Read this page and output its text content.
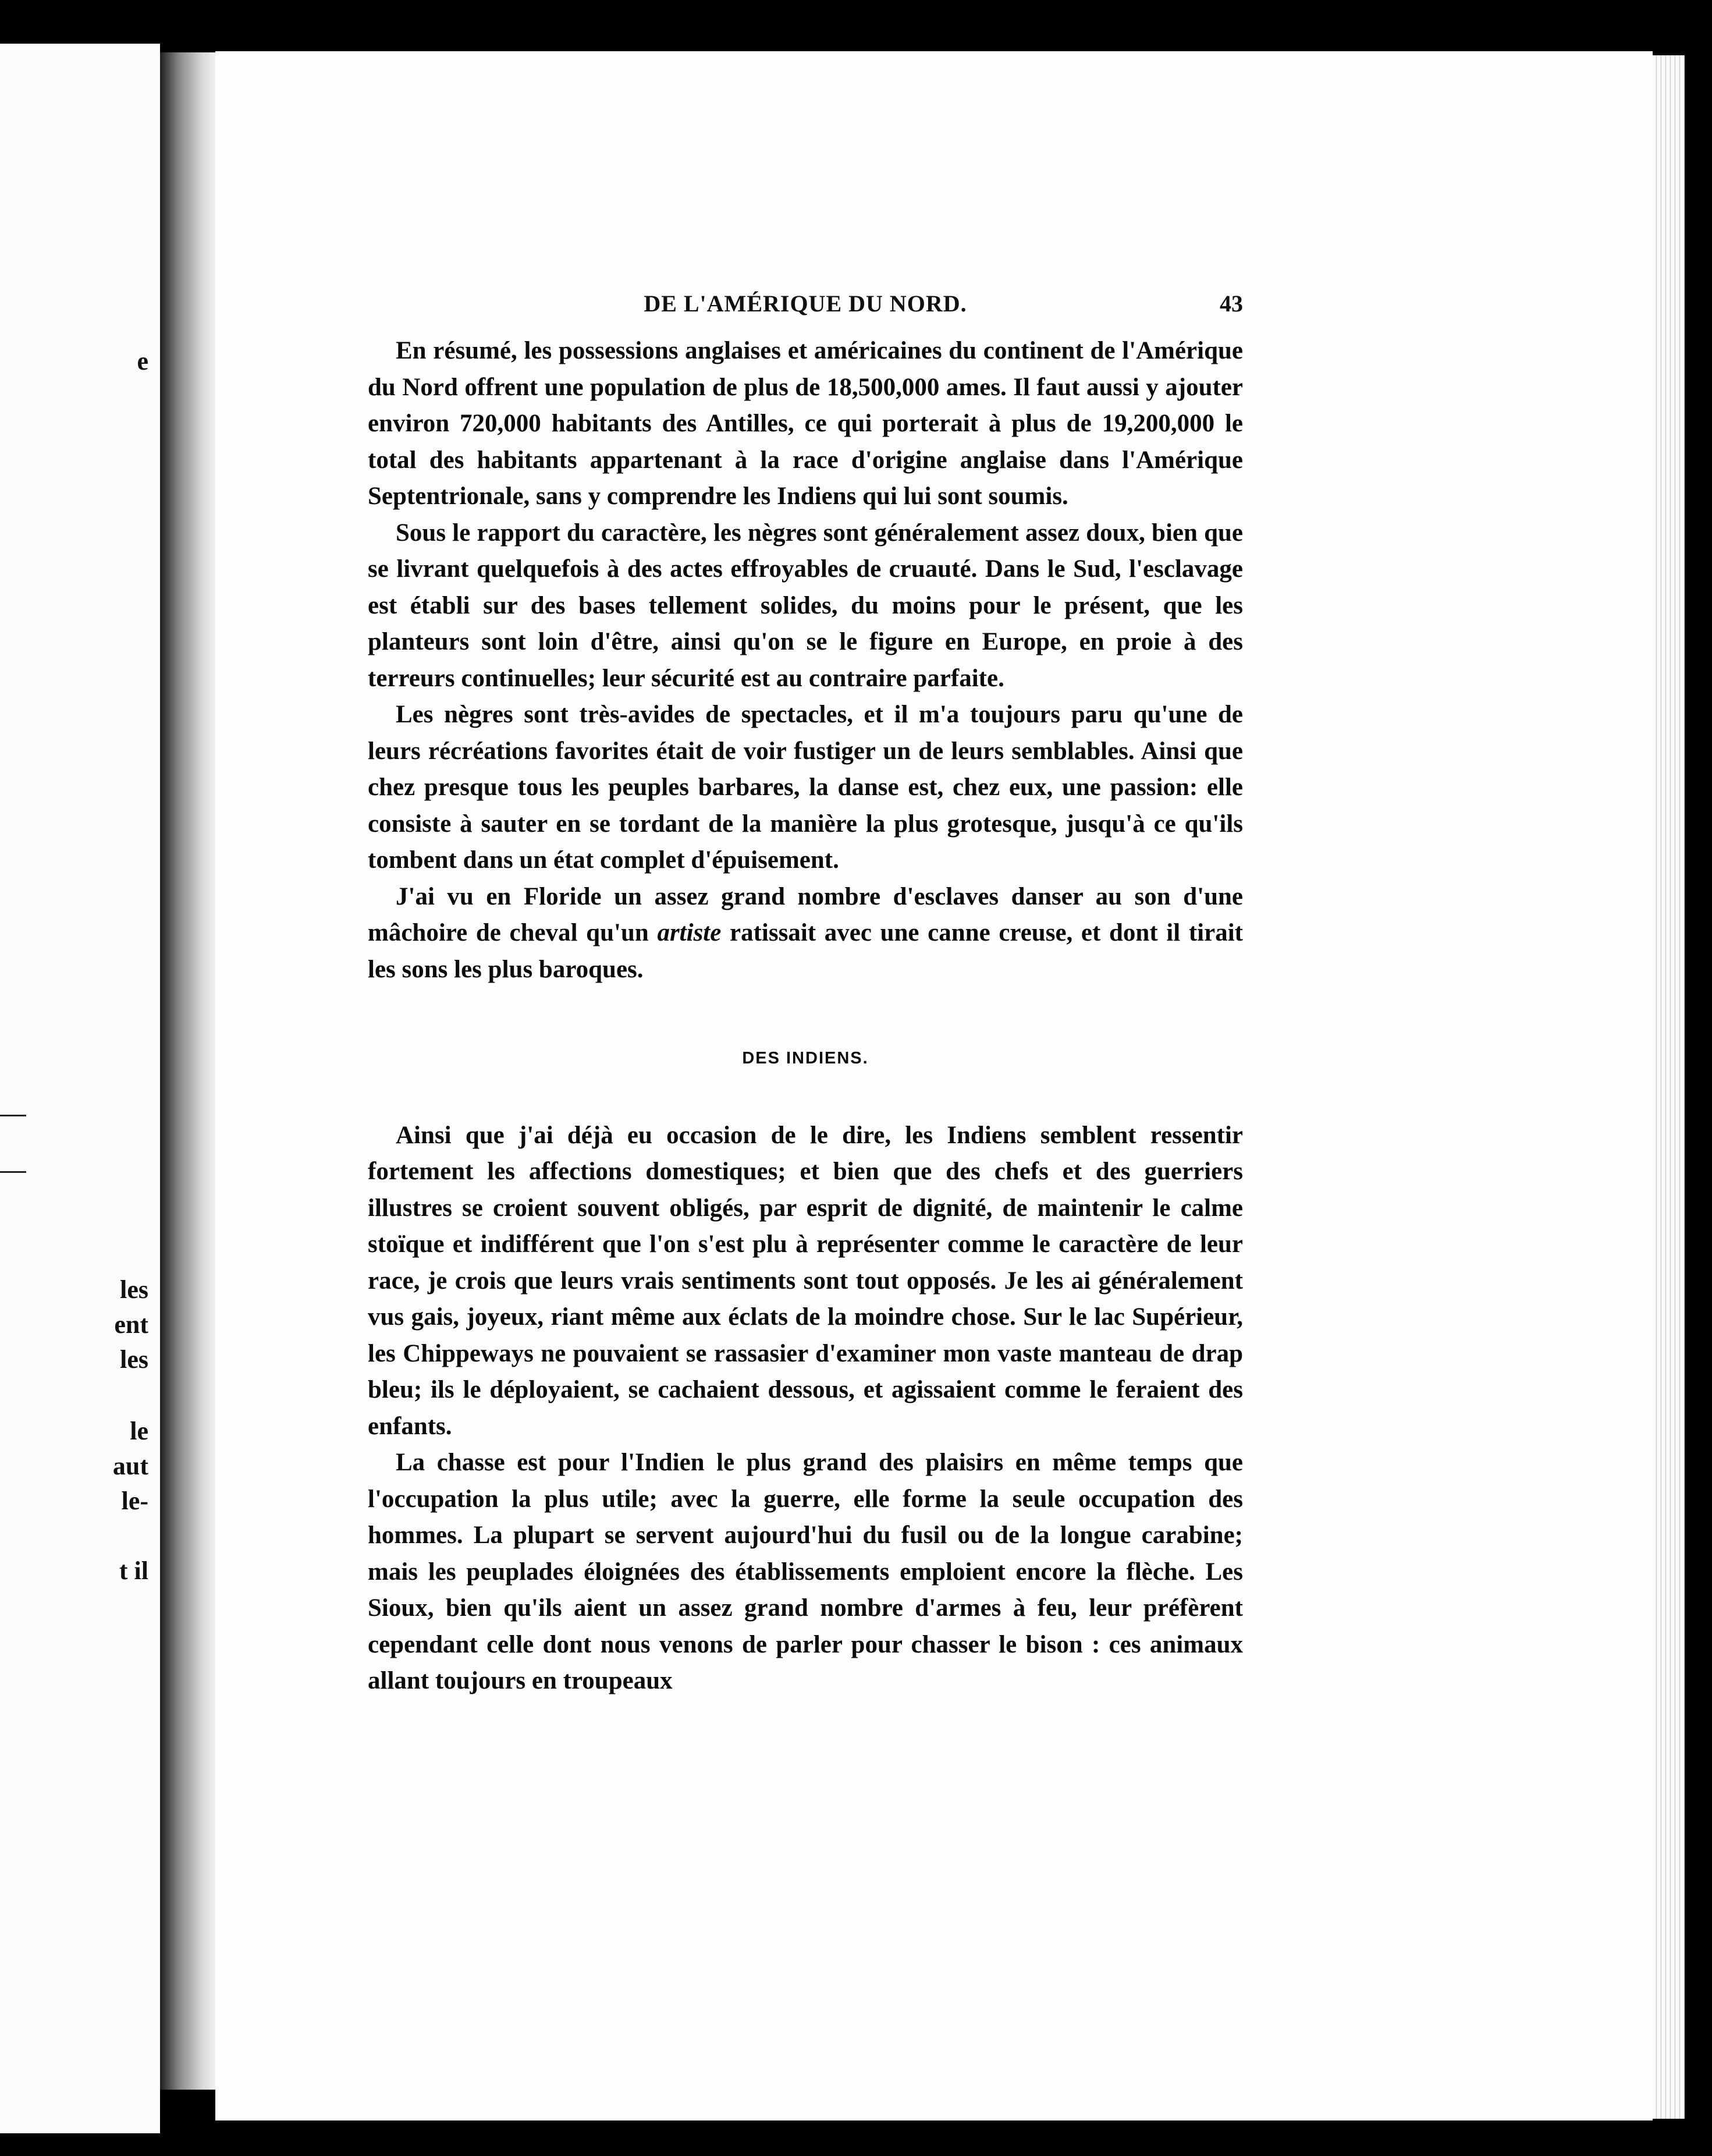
e
les
ent
les
le
aut
le-
t il
DE L'AMÉRIQUE DU NORD.	43

En résumé, les possessions anglaises et américaines du continent de l'Amérique du Nord offrent une population de plus de 18,500,000 ames. Il faut aussi y ajouter environ 720,000 habitants des Antilles, ce qui porterait à plus de 19,200,000 le total des habitants appartenant à la race d'origine anglaise dans l'Amérique Septentrionale, sans y comprendre les Indiens qui lui sont soumis.

Sous le rapport du caractère, les nègres sont généralement assez doux, bien que se livrant quelquefois à des actes effroyables de cruauté. Dans le Sud, l'esclavage est établi sur des bases tellement solides, du moins pour le présent, que les planteurs sont loin d'être, ainsi qu'on se le figure en Europe, en proie à des terreurs continuelles; leur sécurité est au contraire parfaite.

Les nègres sont très-avides de spectacles, et il m'a toujours paru qu'une de leurs récréations favorites était de voir fustiger un de leurs semblables. Ainsi que chez presque tous les peuples barbares, la danse est, chez eux, une passion: elle consiste à sauter en se tordant de la manière la plus grotesque, jusqu'à ce qu'ils tombent dans un état complet d'épuisement.

J'ai vu en Floride un assez grand nombre d'esclaves danser au son d'une mâchoire de cheval qu'un artiste ratissait avec une canne creuse, et dont il tirait les sons les plus baroques.

DES INDIENS.

Ainsi que j'ai déjà eu occasion de le dire, les Indiens semblent ressentir fortement les affections domestiques; et bien que des chefs et des guerriers illustres se croient souvent obligés, par esprit de dignité, de maintenir le calme stoïque et indifférent que l'on s'est plu à représenter comme le caractère de leur race, je crois que leurs vrais sentiments sont tout opposés. Je les ai généralement vus gais, joyeux, riant même aux éclats de la moindre chose. Sur le lac Supérieur, les Chippeways ne pouvaient se rassasier d'examiner mon vaste manteau de drap bleu; ils le déployaient, se cachaient dessous, et agissaient comme le feraient des enfants.

La chasse est pour l'Indien le plus grand des plaisirs en même temps que l'occupation la plus utile; avec la guerre, elle forme la seule occupation des hommes. La plupart se servent aujourd'hui du fusil ou de la longue carabine; mais les peuplades éloignées des établissements emploient encore la flèche. Les Sioux, bien qu'ils aient un assez grand nombre d'armes à feu, leur préfèrent cependant celle dont nous venons de parler pour chasser le bison : ces animaux allant toujours en troupeaux
